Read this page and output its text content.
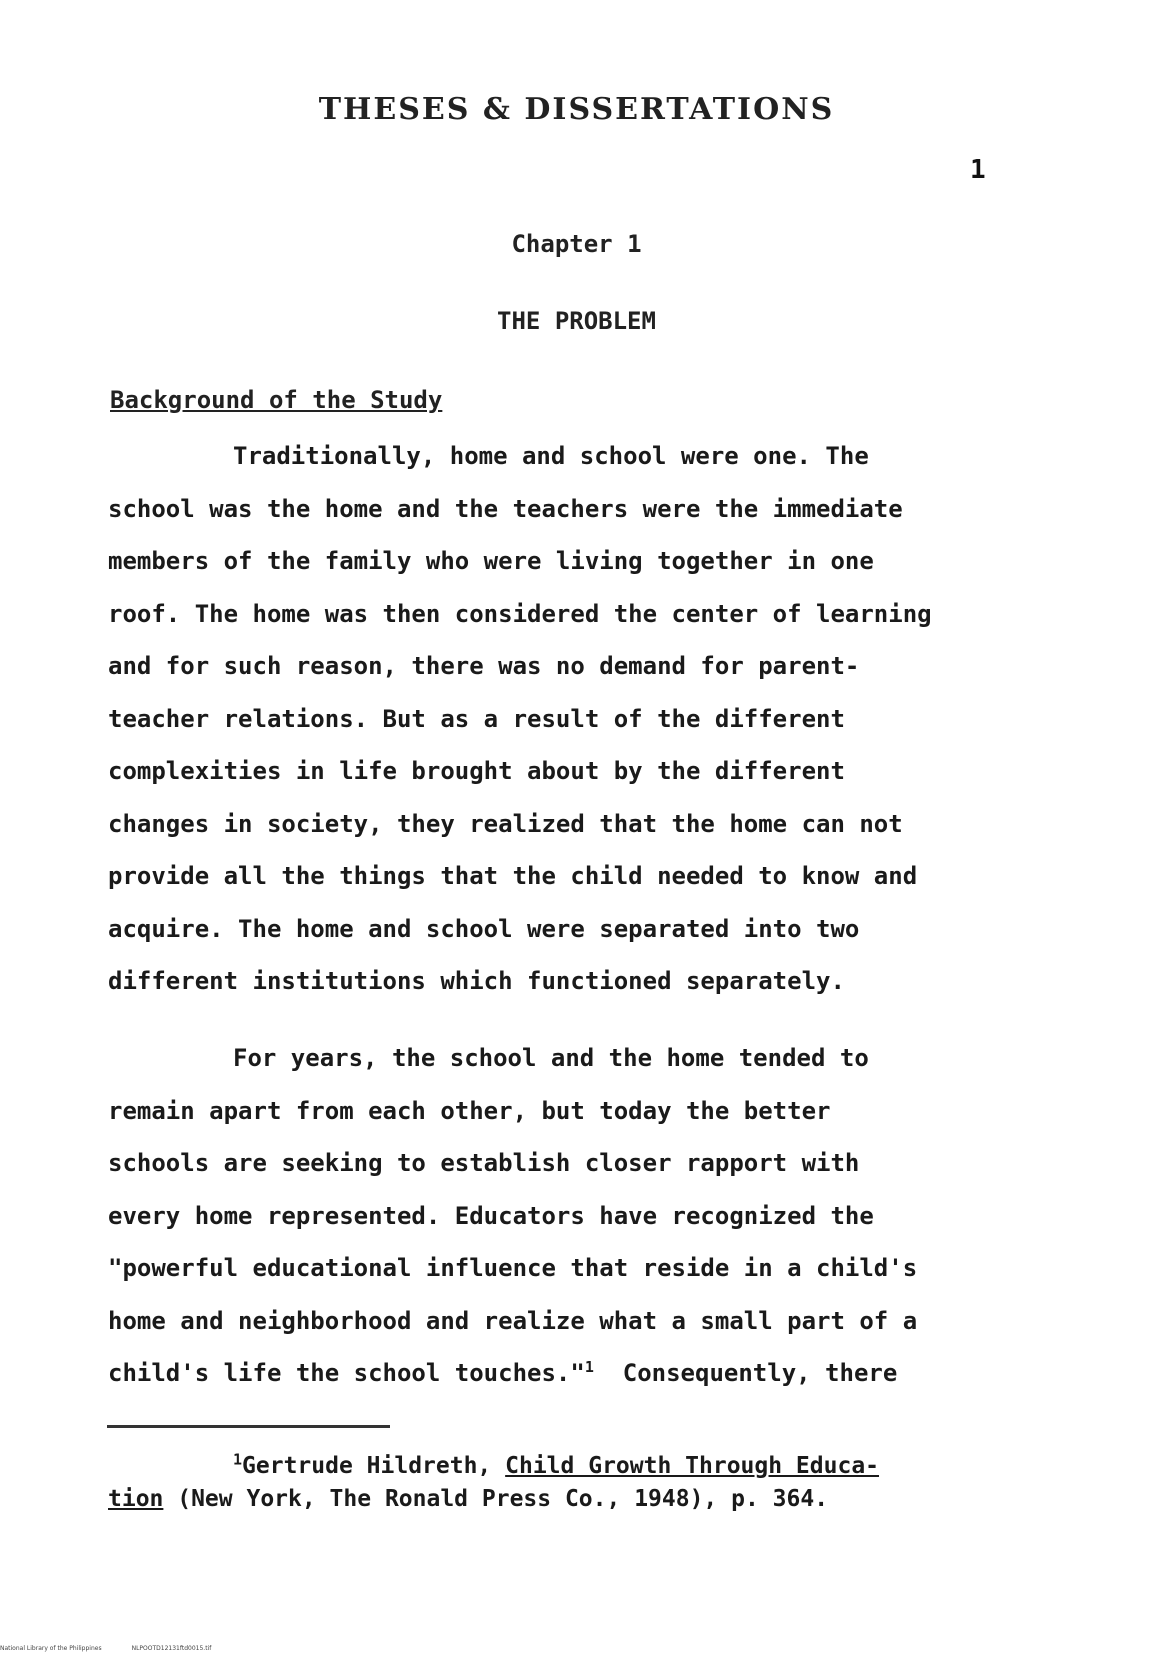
THESES & DISSERTATIONS
1
Chapter 1
THE PROBLEM
Background of the Study
Traditionally, home and school were one. The
school was the home and the teachers were the immediate
members of the family who were living together in one
roof. The home was then considered the center of learning
and for such reason, there was no demand for parent-
teacher relations. But as a result of the different
complexities in life brought about by the different
changes in society, they realized that the home can not
provide all the things that the child needed to know and
acquire. The home and school were separated into two
different institutions which functioned separately.
For years, the school and the home tended to
remain apart from each other, but today the better
schools are seeking to establish closer rapport with
every home represented. Educators have recognized the
"powerful educational influence that reside in a child's
home and neighborhood and realize what a small part of a
child's life the school touches."$^1$  Consequently, there
$^1$Gertrude Hildreth, Child Growth Through Educa-
tion (New York, The Ronald Press Co., 1948), p. 364.
National Library of the Philippines	NLPOOTD12131ftd0015.tif
